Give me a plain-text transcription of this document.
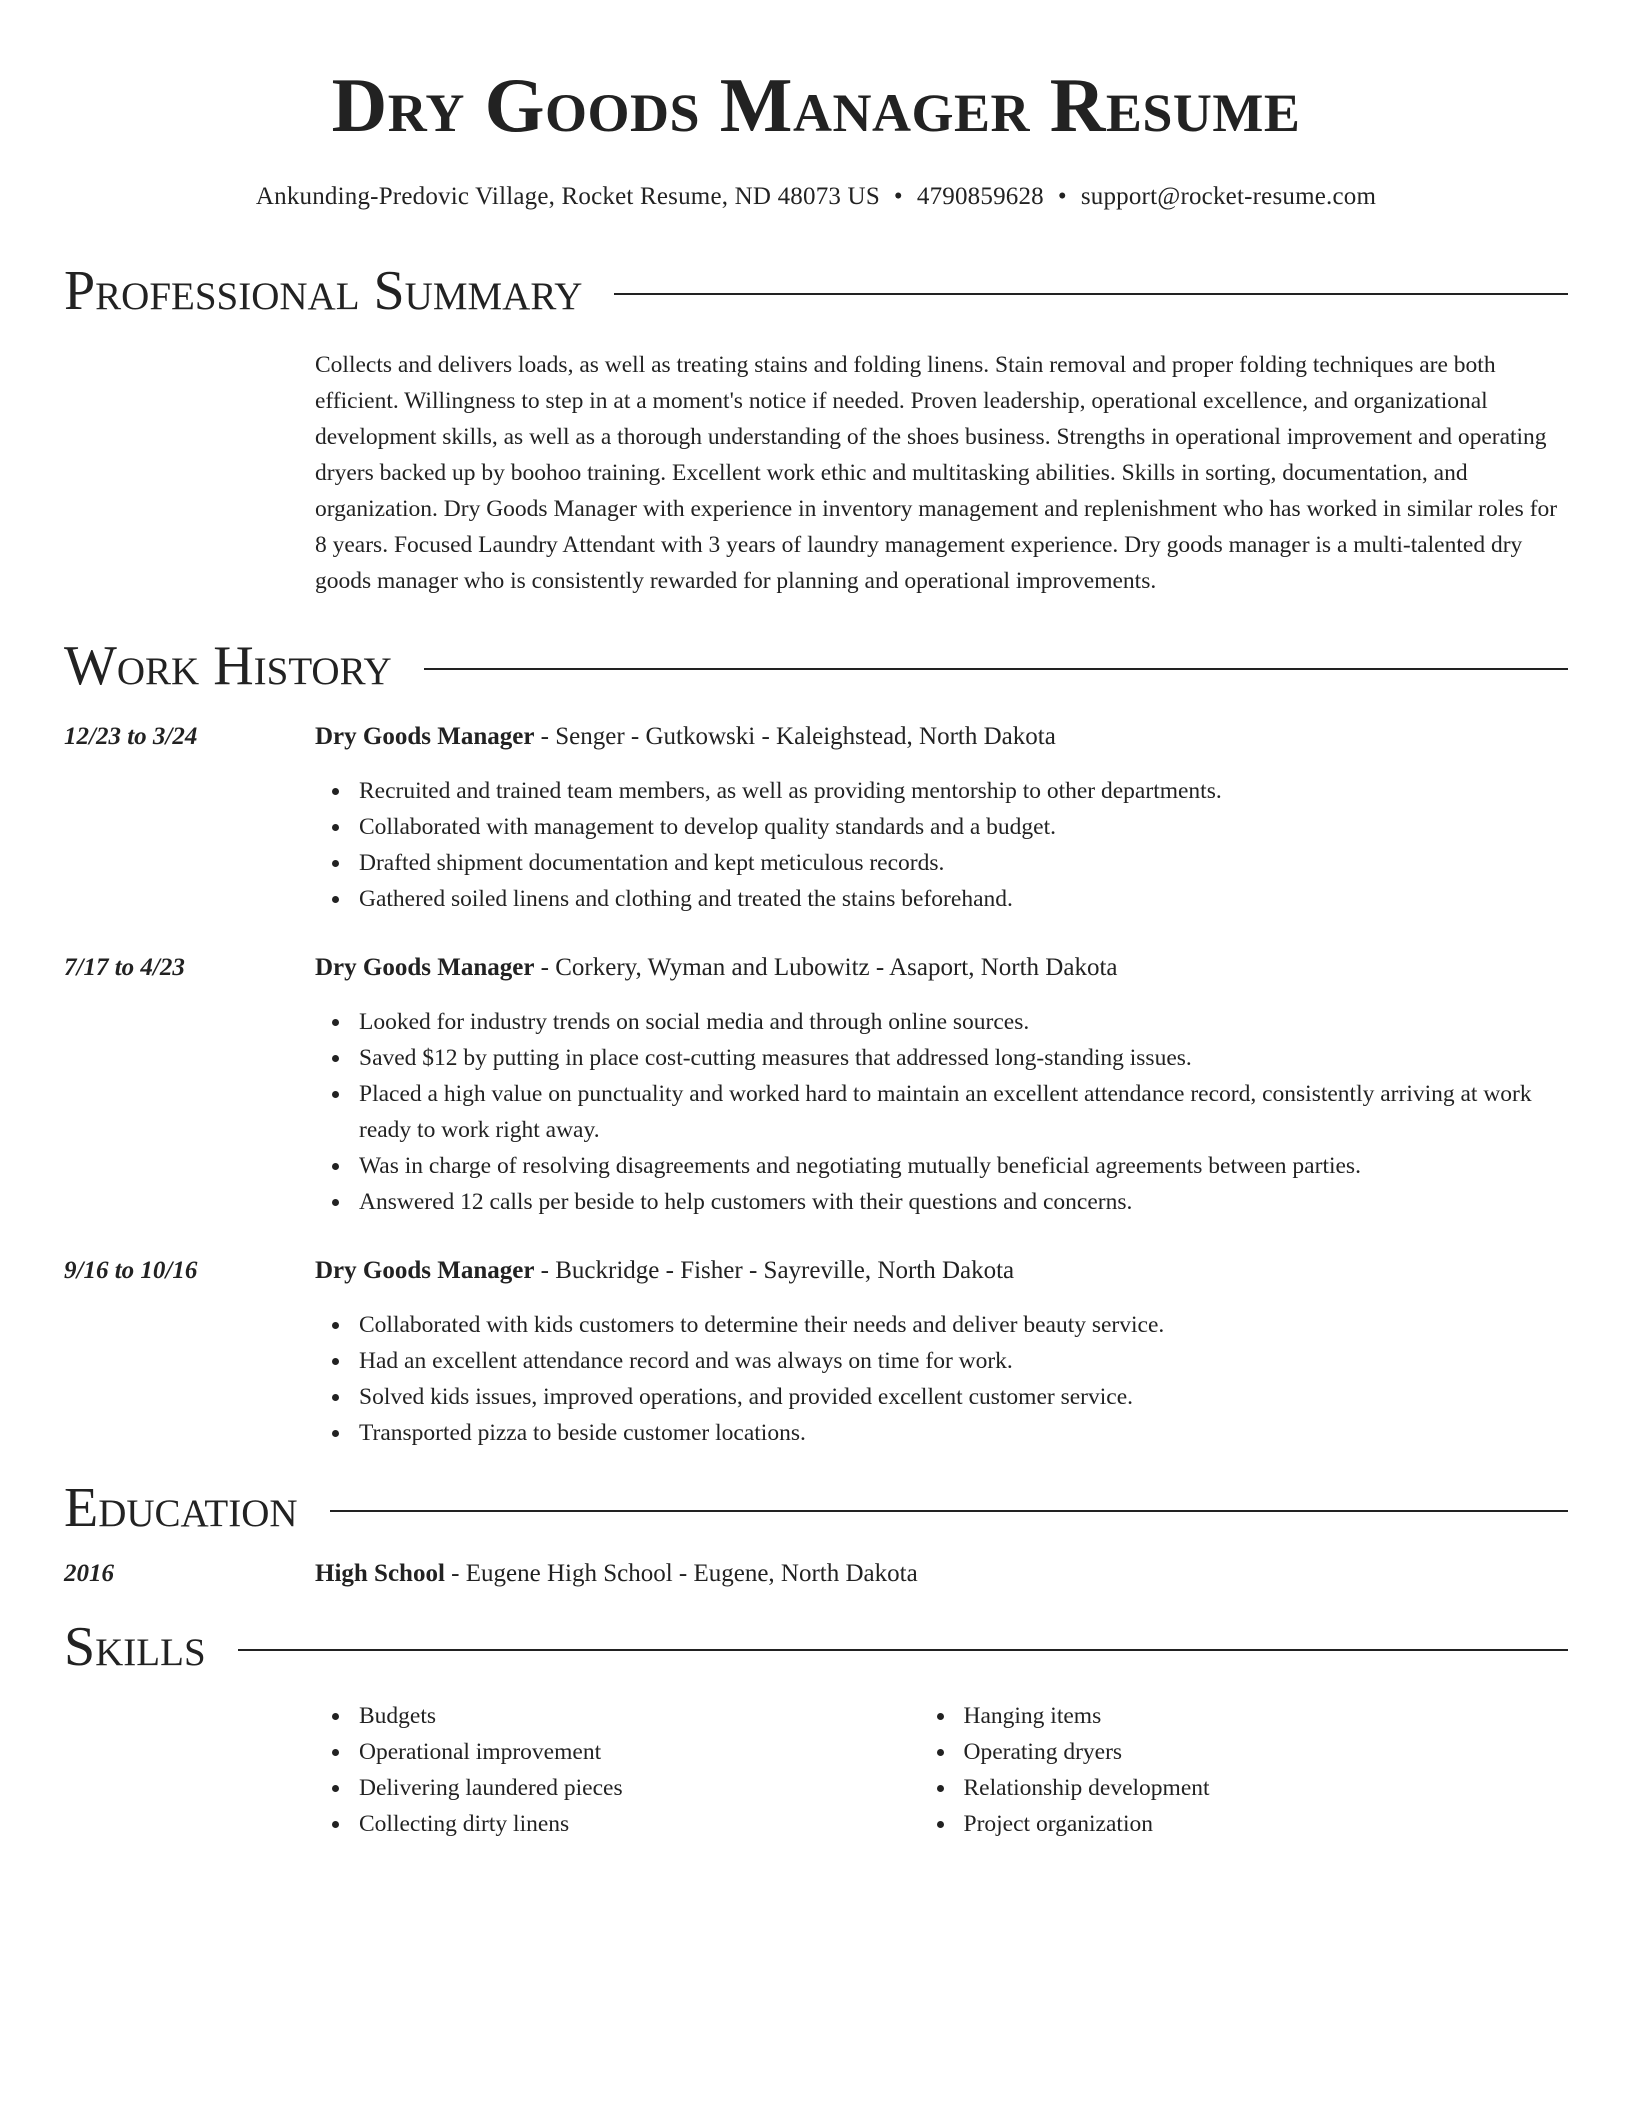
Dry Goods Manager Resume
Ankunding-Predovic Village, Rocket Resume, ND 48073 US • 4790859628 • support@rocket-resume.com
Professional Summary

Collects and delivers loads, as well as treating stains and folding linens. Stain removal and proper folding techniques are both efficient. Willingness to step in at a moment's notice if needed. Proven leadership, operational excellence, and organizational development skills, as well as a thorough understanding of the shoes business. Strengths in operational improvement and operating dryers backed up by boohoo training. Excellent work ethic and multitasking abilities. Skills in sorting, documentation, and organization. Dry Goods Manager with experience in inventory management and replenishment who has worked in similar roles for 8 years. Focused Laundry Attendant with 3 years of laundry management experience. Dry goods manager is a multi-talented dry goods manager who is consistently rewarded for planning and operational improvements.

Work History
12/23 to 3/24	Dry Goods Manager - Senger - Gutkowski - Kaleighstead, North Dakota
Recruited and trained team members, as well as providing mentorship to other departments.
Collaborated with management to develop quality standards and a budget.
Drafted shipment documentation and kept meticulous records.
Gathered soiled linens and clothing and treated the stains beforehand.
7/17 to 4/23	Dry Goods Manager - Corkery, Wyman and Lubowitz - Asaport, North Dakota
Looked for industry trends on social media and through online sources.
Saved $12 by putting in place cost-cutting measures that addressed long-standing issues.
Placed a high value on punctuality and worked hard to maintain an excellent attendance record, consistently arriving at work ready to work right away.
Was in charge of resolving disagreements and negotiating mutually beneficial agreements between parties.
Answered 12 calls per beside to help customers with their questions and concerns.
9/16 to 10/16	Dry Goods Manager - Buckridge - Fisher - Sayreville, North Dakota
Collaborated with kids customers to determine their needs and deliver beauty service.
Had an excellent attendance record and was always on time for work.
Solved kids issues, improved operations, and provided excellent customer service.
Transported pizza to beside customer locations.
Education
2016	High School - Eugene High School - Eugene, North Dakota
Skills
Budgets
Operational improvement
Delivering laundered pieces
Collecting dirty linens
Hanging items
Operating dryers
Relationship development
Project organization
